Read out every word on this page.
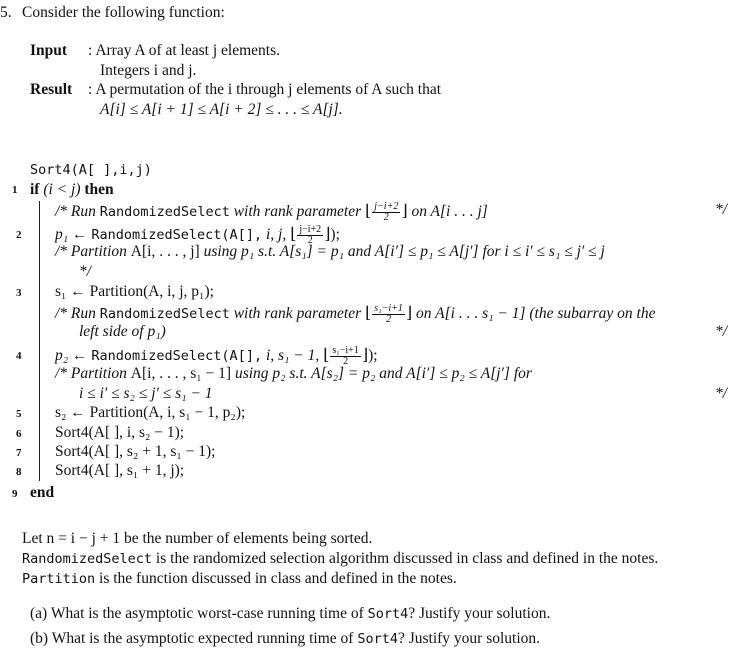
5. Consider the following function:
Input : Array A of at least j elements.
Integers i and j.
Result : A permutation of the i through j elements of A such that
A[i] ≤ A[i + 1] ≤ A[i + 2] ≤ . . . ≤ A[j].
Sort4(A[ ],i,j)
1 if (i < j) then
/* Run RandomizedSelect with rank parameter ⌊ $\frac{j-i+2}{2}$ ⌋ on A[i . . . j]	*/
2 p₁ ← RandomizedSelect(A[], i, j, ⌊ $\frac{j-i+2}{2}$ ⌋);
/* Partition A[i, . . . , j] using p₁ s.t. A[s₁] = p₁ and A[i′] ≤ p₁ ≤ A[j′] for i ≤ i′ ≤ s₁ ≤ j′ ≤ j
*/
3 s₁ ← Partition(A, i, j, p₁);
/* Run RandomizedSelect with rank parameter ⌊ $\frac{\text{s₁−i+1}}{2}$ ⌋ on A[i . . . s₁ − 1] (the subarray on the
left side of p₁)	*/
4 p₂ ← RandomizedSelect(A[], i, s₁ − 1, ⌊ $\frac{\text{s₁−i+1}}{2}$ ⌋);
/* Partition A[i, . . . , s₁ − 1] using p₂ s.t. A[s₂] = p₂ and A[i′] ≤ p₂ ≤ A[j′] for
i ≤ i′ ≤ s₂ ≤ j′ ≤ s₁ − 1	*/
5 s₂ ← Partition(A, i, s₁ − 1, p₂);
6 Sort4(A[ ], i, s₂ − 1);
7 Sort4(A[ ], s₂ + 1, s₁ − 1);
8 Sort4(A[ ], s₁ + 1, j);
9 end
Let n = i − j + 1 be the number of elements being sorted.
RandomizedSelect is the randomized selection algorithm discussed in class and defined in the notes.
Partition is the function discussed in class and defined in the notes.
(a) What is the asymptotic worst-case running time of Sort4? Justify your solution.
(b) What is the asymptotic expected running time of Sort4? Justify your solution.
